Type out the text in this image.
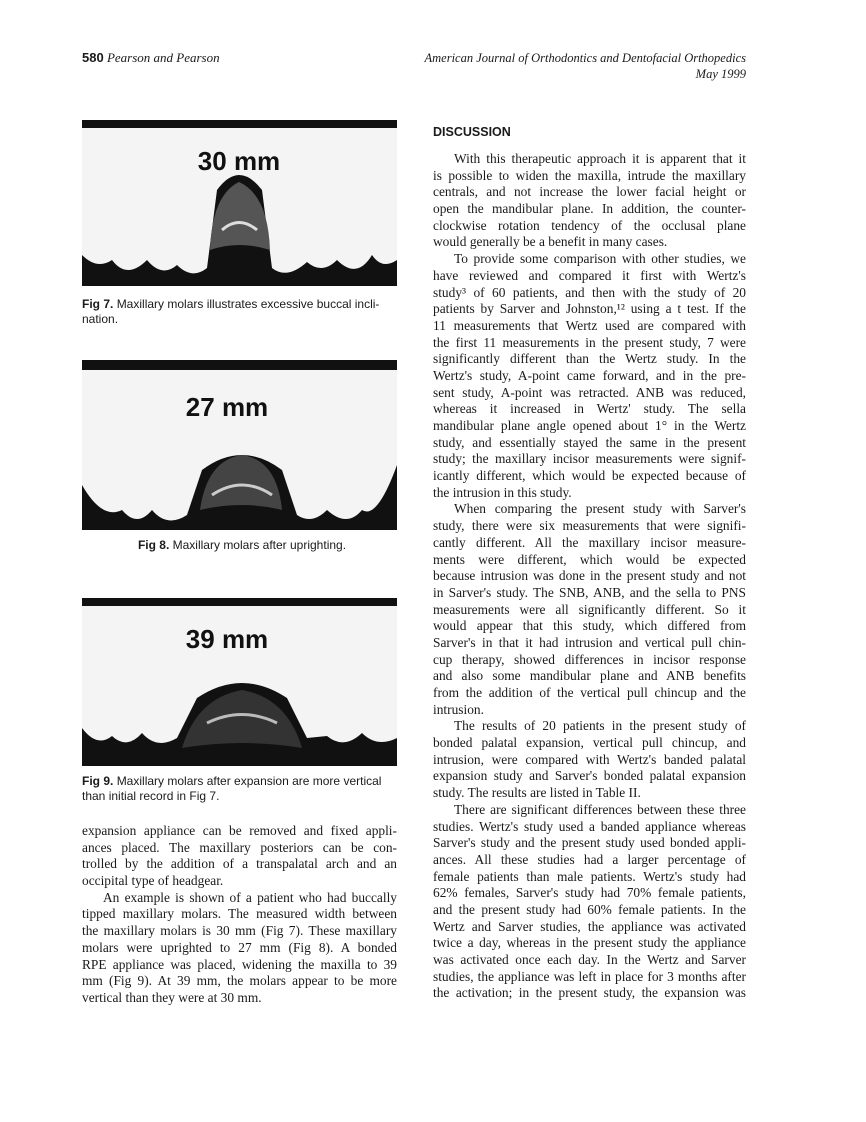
580 Pearson and Pearson	American Journal of Orthodontics and Dentofacial Orthopedics
May 1999
30 mm
Fig 7. Maxillary molars illustrates excessive buccal incli-
nation.
27 mm
Fig 8. Maxillary molars after uprighting.
39 mm
Fig 9. Maxillary molars after expansion are more vertical
than initial record in Fig 7.
DISCUSSION
expansion appliance can be removed and fixed appli-
ances placed. The maxillary posteriors can be con-
trolled by the addition of a transpalatal arch and an
occipital type of headgear.
An example is shown of a patient who had buccally
tipped maxillary molars. The measured width between
the maxillary molars is 30 mm (Fig 7). These maxillary
molars were uprighted to 27 mm (Fig 8). A bonded
RPE appliance was placed, widening the maxilla to 39
mm (Fig 9). At 39 mm, the molars appear to be more
vertical than they were at 30 mm.
With this therapeutic approach it is apparent that it
is possible to widen the maxilla, intrude the maxillary
centrals, and not increase the lower facial height or
open the mandibular plane. In addition, the counter-
clockwise rotation tendency of the occlusal plane
would generally be a benefit in many cases.
To provide some comparison with other studies, we
have reviewed and compared it first with Wertz's
study³ of 60 patients, and then with the study of 20
patients by Sarver and Johnston,¹² using a t test. If the
11 measurements that Wertz used are compared with
the first 11 measurements in the present study, 7 were
significantly different than the Wertz study. In the
Wertz's study, A-point came forward, and in the pre-
sent study, A-point was retracted. ANB was reduced,
whereas it increased in Wertz' study. The sella
mandibular plane angle opened about 1° in the Wertz
study, and essentially stayed the same in the present
study; the maxillary incisor measurements were signif-
icantly different, which would be expected because of
the intrusion in this study.
When comparing the present study with Sarver's
study, there were six measurements that were signifi-
cantly different. All the maxillary incisor measure-
ments were different, which would be expected
because intrusion was done in the present study and not
in Sarver's study. The SNB, ANB, and the sella to PNS
measurements were all significantly different. So it
would appear that this study, which differed from
Sarver's in that it had intrusion and vertical pull chin-
cup therapy, showed differences in incisor response
and also some mandibular plane and ANB benefits
from the addition of the vertical pull chincup and the
intrusion.
The results of 20 patients in the present study of
bonded palatal expansion, vertical pull chincup, and
intrusion, were compared with Wertz's banded palatal
expansion study and Sarver's bonded palatal expansion
study. The results are listed in Table II.
There are significant differences between these three
studies. Wertz's study used a banded appliance whereas
Sarver's study and the present study used bonded appli-
ances. All these studies had a larger percentage of
female patients than male patients. Wertz's study had
62% females, Sarver's study had 70% female patients,
and the present study had 60% female patients. In the
Wertz and Sarver studies, the appliance was activated
twice a day, whereas in the present study the appliance
was activated once each day. In the Wertz and Sarver
studies, the appliance was left in place for 3 months after
the activation; in the present study, the expansion was
